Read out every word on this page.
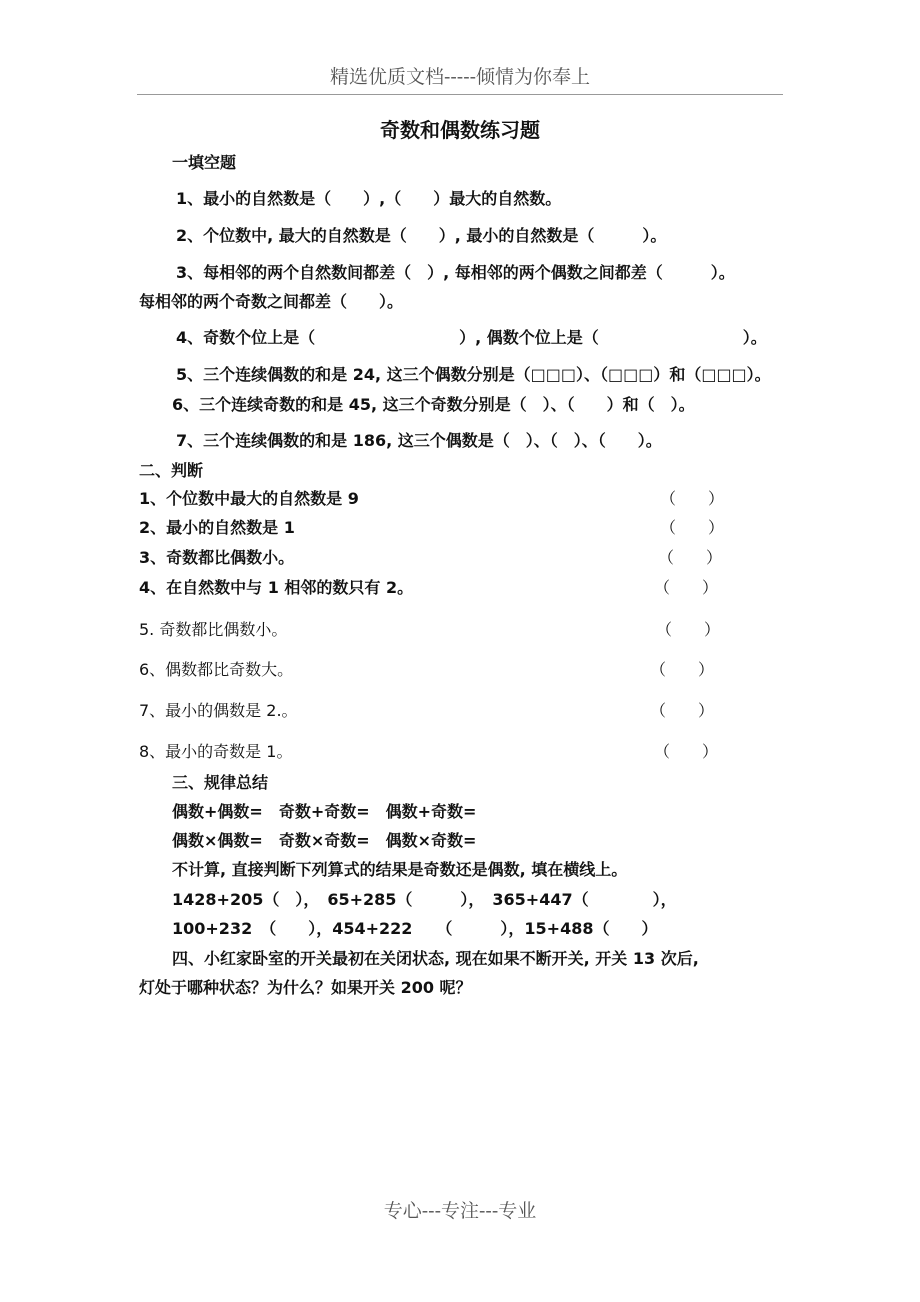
精选优质文档-----倾情为你奉上
奇数和偶数练习题
一填空题
1、最小的自然数是（　　）,（　　）最大的自然数。
2、个位数中, 最大的自然数是（　　）, 最小的自然数是（　　　）。
3、每相邻的两个自然数间都差（　）, 每相邻的两个偶数之间都差（　　　）。
每相邻的两个奇数之间都差（　　）。
4、奇数个位上是（　　　　　　　　　）, 偶数个位上是（　　　　　　　　　）。
5、三个连续偶数的和是 24, 这三个偶数分别是（□□□）、（□□□）和（□□□）。
6、三个连续奇数的和是 45, 这三个奇数分别是（　）、（　　）和（　）。
7、三个连续偶数的和是 186, 这三个偶数是（　）、（　）、（　　）。
二、判断
1、个位数中最大的自然数是 9	（　　）
2、最小的自然数是 1	（　　）
3、奇数都比偶数小。	（　　）
4、在自然数中与 1 相邻的数只有 2。	（　　）
5. 奇数都比偶数小。	（　　）
6、偶数都比奇数大。	（　　）
7、最小的偶数是 2.。	（　　）
8、最小的奇数是 1。	（　　）
三、规律总结
偶数+偶数=　奇数+奇数=　偶数+奇数=
偶数×偶数=　奇数×奇数=　偶数×奇数=
不计算, 直接判断下列算式的结果是奇数还是偶数, 填在横线上。
1428+205（　），　65+285（　　　），　365+447（　　　　），
100+232　（　　），454+222　　（　　　），15+488（　　）
四、小红家卧室的开关最初在关闭状态, 现在如果不断开关, 开关 13 次后,
灯处于哪种状态？为什么？如果开关 200 呢？
专心---专注---专业
